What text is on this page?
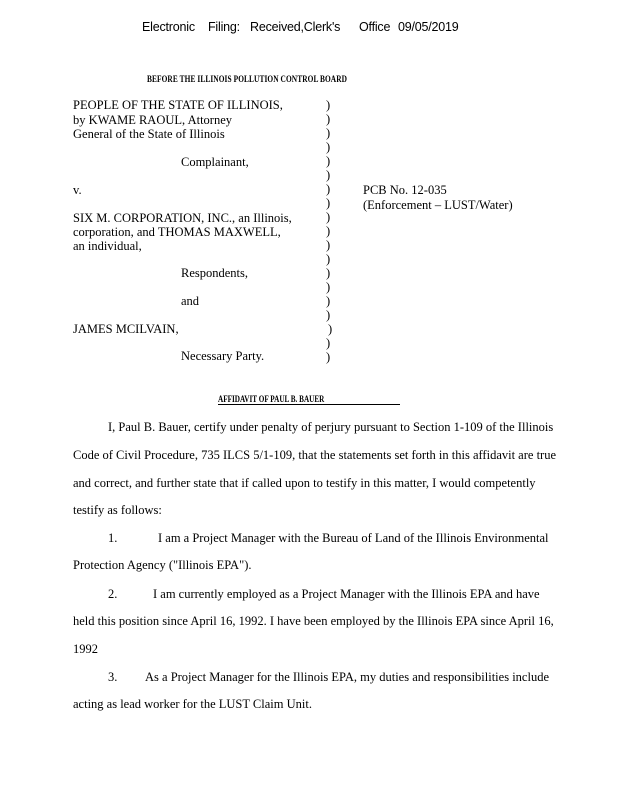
Electronic Filing: Received,Clerk's Office 09/05/2019
BEFORE THE ILLINOIS POLLUTION CONTROL BOARD
PEOPLE OF THE STATE OF ILLINOIS,
by KWAME RAOUL, Attorney
General of the State of Illinois
Complainant,
v.
SIX M. CORPORATION, INC., an Illinois,
corporation, and THOMAS MAXWELL,
an individual,
Respondents,
and
JAMES MCILVAIN,
Necessary Party.
)
)
)
)
)
)
)
)
)
)
)
)
)
)
)
)
)
)
)
PCB No. 12-035
(Enforcement – LUST/Water)
AFFIDAVIT OF PAUL B. BAUER
I, Paul B. Bauer, certify under penalty of perjury pursuant to Section 1-109 of the Illinois
Code of Civil Procedure, 735 ILCS 5/1-109, that the statements set forth in this affidavit are true
and correct, and further state that if called upon to testify in this matter, I would competently
testify as follows:
1.	I am a Project Manager with the Bureau of Land of the Illinois Environmental
Protection Agency ("Illinois EPA").
2.	I am currently employed as a Project Manager with the Illinois EPA and have
held this position since April 16, 1992. I have been employed by the Illinois EPA since April 16,
1992
3. As a Project Manager for the Illinois EPA, my duties and responsibilities include
acting as lead worker for the LUST Claim Unit.
